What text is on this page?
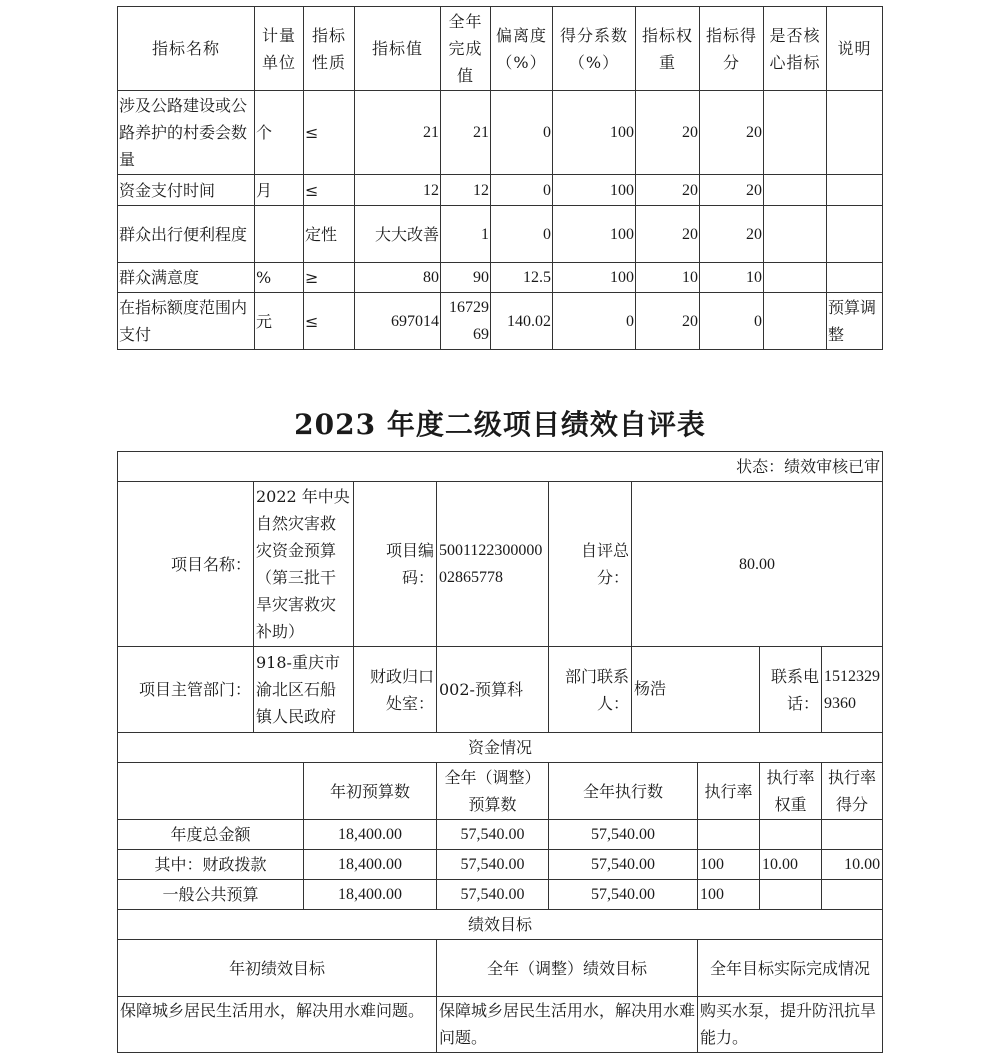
指标名称	计量单位	指标性质	指标值	全年完成值	偏离度（%）	得分系数（%）	指标权重	指标得分	是否核心指标	说明
涉及公路建设或公路养护的村委会数量	个	≤	21	21	0	100	20	20		
资金支付时间	月	≤	12	12	0	100	20	20		
群众出行便利程度		定性	大大改善	1	0	100	20	20		
群众满意度	%	≥	80	90	12.5	100	10	10		
在指标额度范围内支付	元	≤	697014	1672969	140.02	0	20	0		预算调整
2023 年度二级项目绩效自评表
状态：绩效审核已审									
项目名称：	2022 年中央自然灾害救灾资金预算（第三批干旱灾害救灾补助）		项目编码：	500112230000002865778	自评总分：	80.00			
项目主管部门：	918-重庆市渝北区石船镇人民政府		财政归口处室：	002-预算科	部门联系人：	杨浩		联系电话：	15123299360
资金情况									
		年初预算数		全年（调整）预算数	全年执行数		执行率	执行率权重	执行率得分
年度总金额		18,400.00		57,540.00	57,540.00				
其中：财政拨款		18,400.00		57,540.00	57,540.00		100	10.00	10.00
一般公共预算		18,400.00		57,540.00	57,540.00		100		
绩效目标									
年初绩效目标				全年（调整）绩效目标			全年目标实际完成情况		
保障城乡居民生活用水，解决用水难问题。				保障城乡居民生活用水，解决用水难问题。			购买水泵，提升防汛抗旱能力。		
